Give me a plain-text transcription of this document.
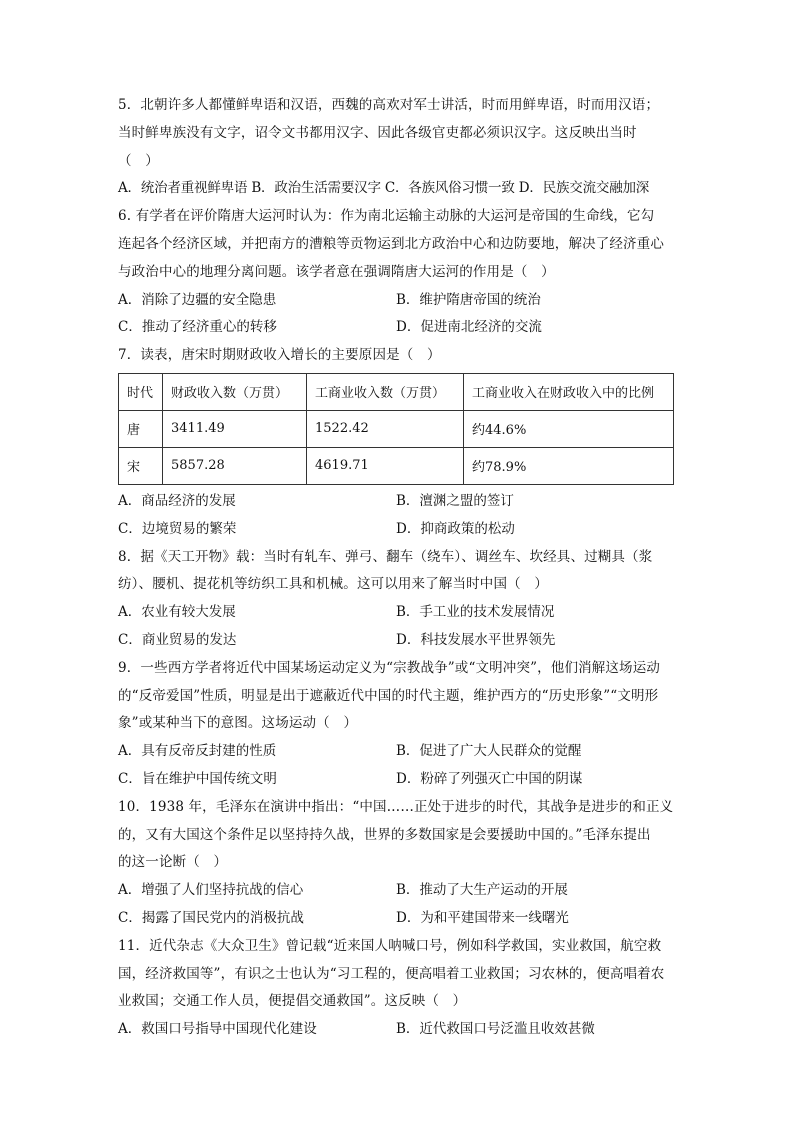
5．北朝许多人都懂鲜卑语和汉语，西魏的高欢对军士讲活，时而用鲜卑语，时而用汉语；

当时鲜卑族没有文字，诏令文书都用汉字、因此各级官吏都必须识汉字。这反映出当时

（　）

A．统治者重视鲜卑语 B．政治生活需要汉字 C．各族风俗习惯一致 D．民族交流交融加深

6. 有学者在评价隋唐大运河时认为：作为南北运输主动脉的大运河是帝国的生命线，它勾

连起各个经济区域，并把南方的漕粮等贡物运到北方政治中心和边防要地，解决了经济重心

与政治中心的地理分离问题。该学者意在强调隋唐大运河的作用是（　）

A．消除了边疆的安全隐患	B．维护隋唐帝国的统治
C．推动了经济重心的转移	D．促进南北经济的交流

7．读表，唐宋时期财政收入增长的主要原因是（　）

时代	财政收入数（万贯）	工商业收入数（万贯）	工商业收入在财政收入中的比例
唐	3411.49	1522.42	约44.6%
宋	5857.28	4619.71	约78.9%
A．商品经济的发展	B．澶渊之盟的签订
C．边境贸易的繁荣	D．抑商政策的松动

8．据《天工开物》载：当时有轧车、弹弓、翻车（绕车）、调丝车、坎经具、过糊具（浆

纺）、腰机、提花机等纺织工具和机械。这可以用来了解当时中国（　）

A．农业有较大发展	B．手工业的技术发展情况
C．商业贸易的发达	D．科技发展水平世界领先

9．一些西方学者将近代中国某场运动定义为“宗教战争”或“文明冲突”，他们消解这场运动

的“反帝爱国”性质，明显是出于遮蔽近代中国的时代主题，维护西方的“历史形象”“文明形

象”或某种当下的意图。这场运动（　）

A．具有反帝反封建的性质	B．促进了广大人民群众的觉醒
C．旨在维护中国传统文明	D．粉碎了列强灭亡中国的阴谋

10．1938 年，毛泽东在演讲中指出：“中国……正处于进步的时代，其战争是进步的和正义

的，又有大国这个条件足以坚持持久战，世界的多数国家是会要援助中国的。”毛泽东提出

的这一论断（　）

A．增强了人们坚持抗战的信心	B．推动了大生产运动的开展
C．揭露了国民党内的消极抗战	D．为和平建国带来一线曙光

11．近代杂志《大众卫生》曾记载“近来国人呐喊口号，例如科学救国，实业救国，航空救

国，经济救国等”，有识之士也认为“习工程的，便高唱着工业救国；习农林的，便高唱着农

业救国；交通工作人员，便提倡交通救国”。这反映（　）

A．救国口号指导中国现代化建设	B．近代救国口号泛滥且收效甚微
